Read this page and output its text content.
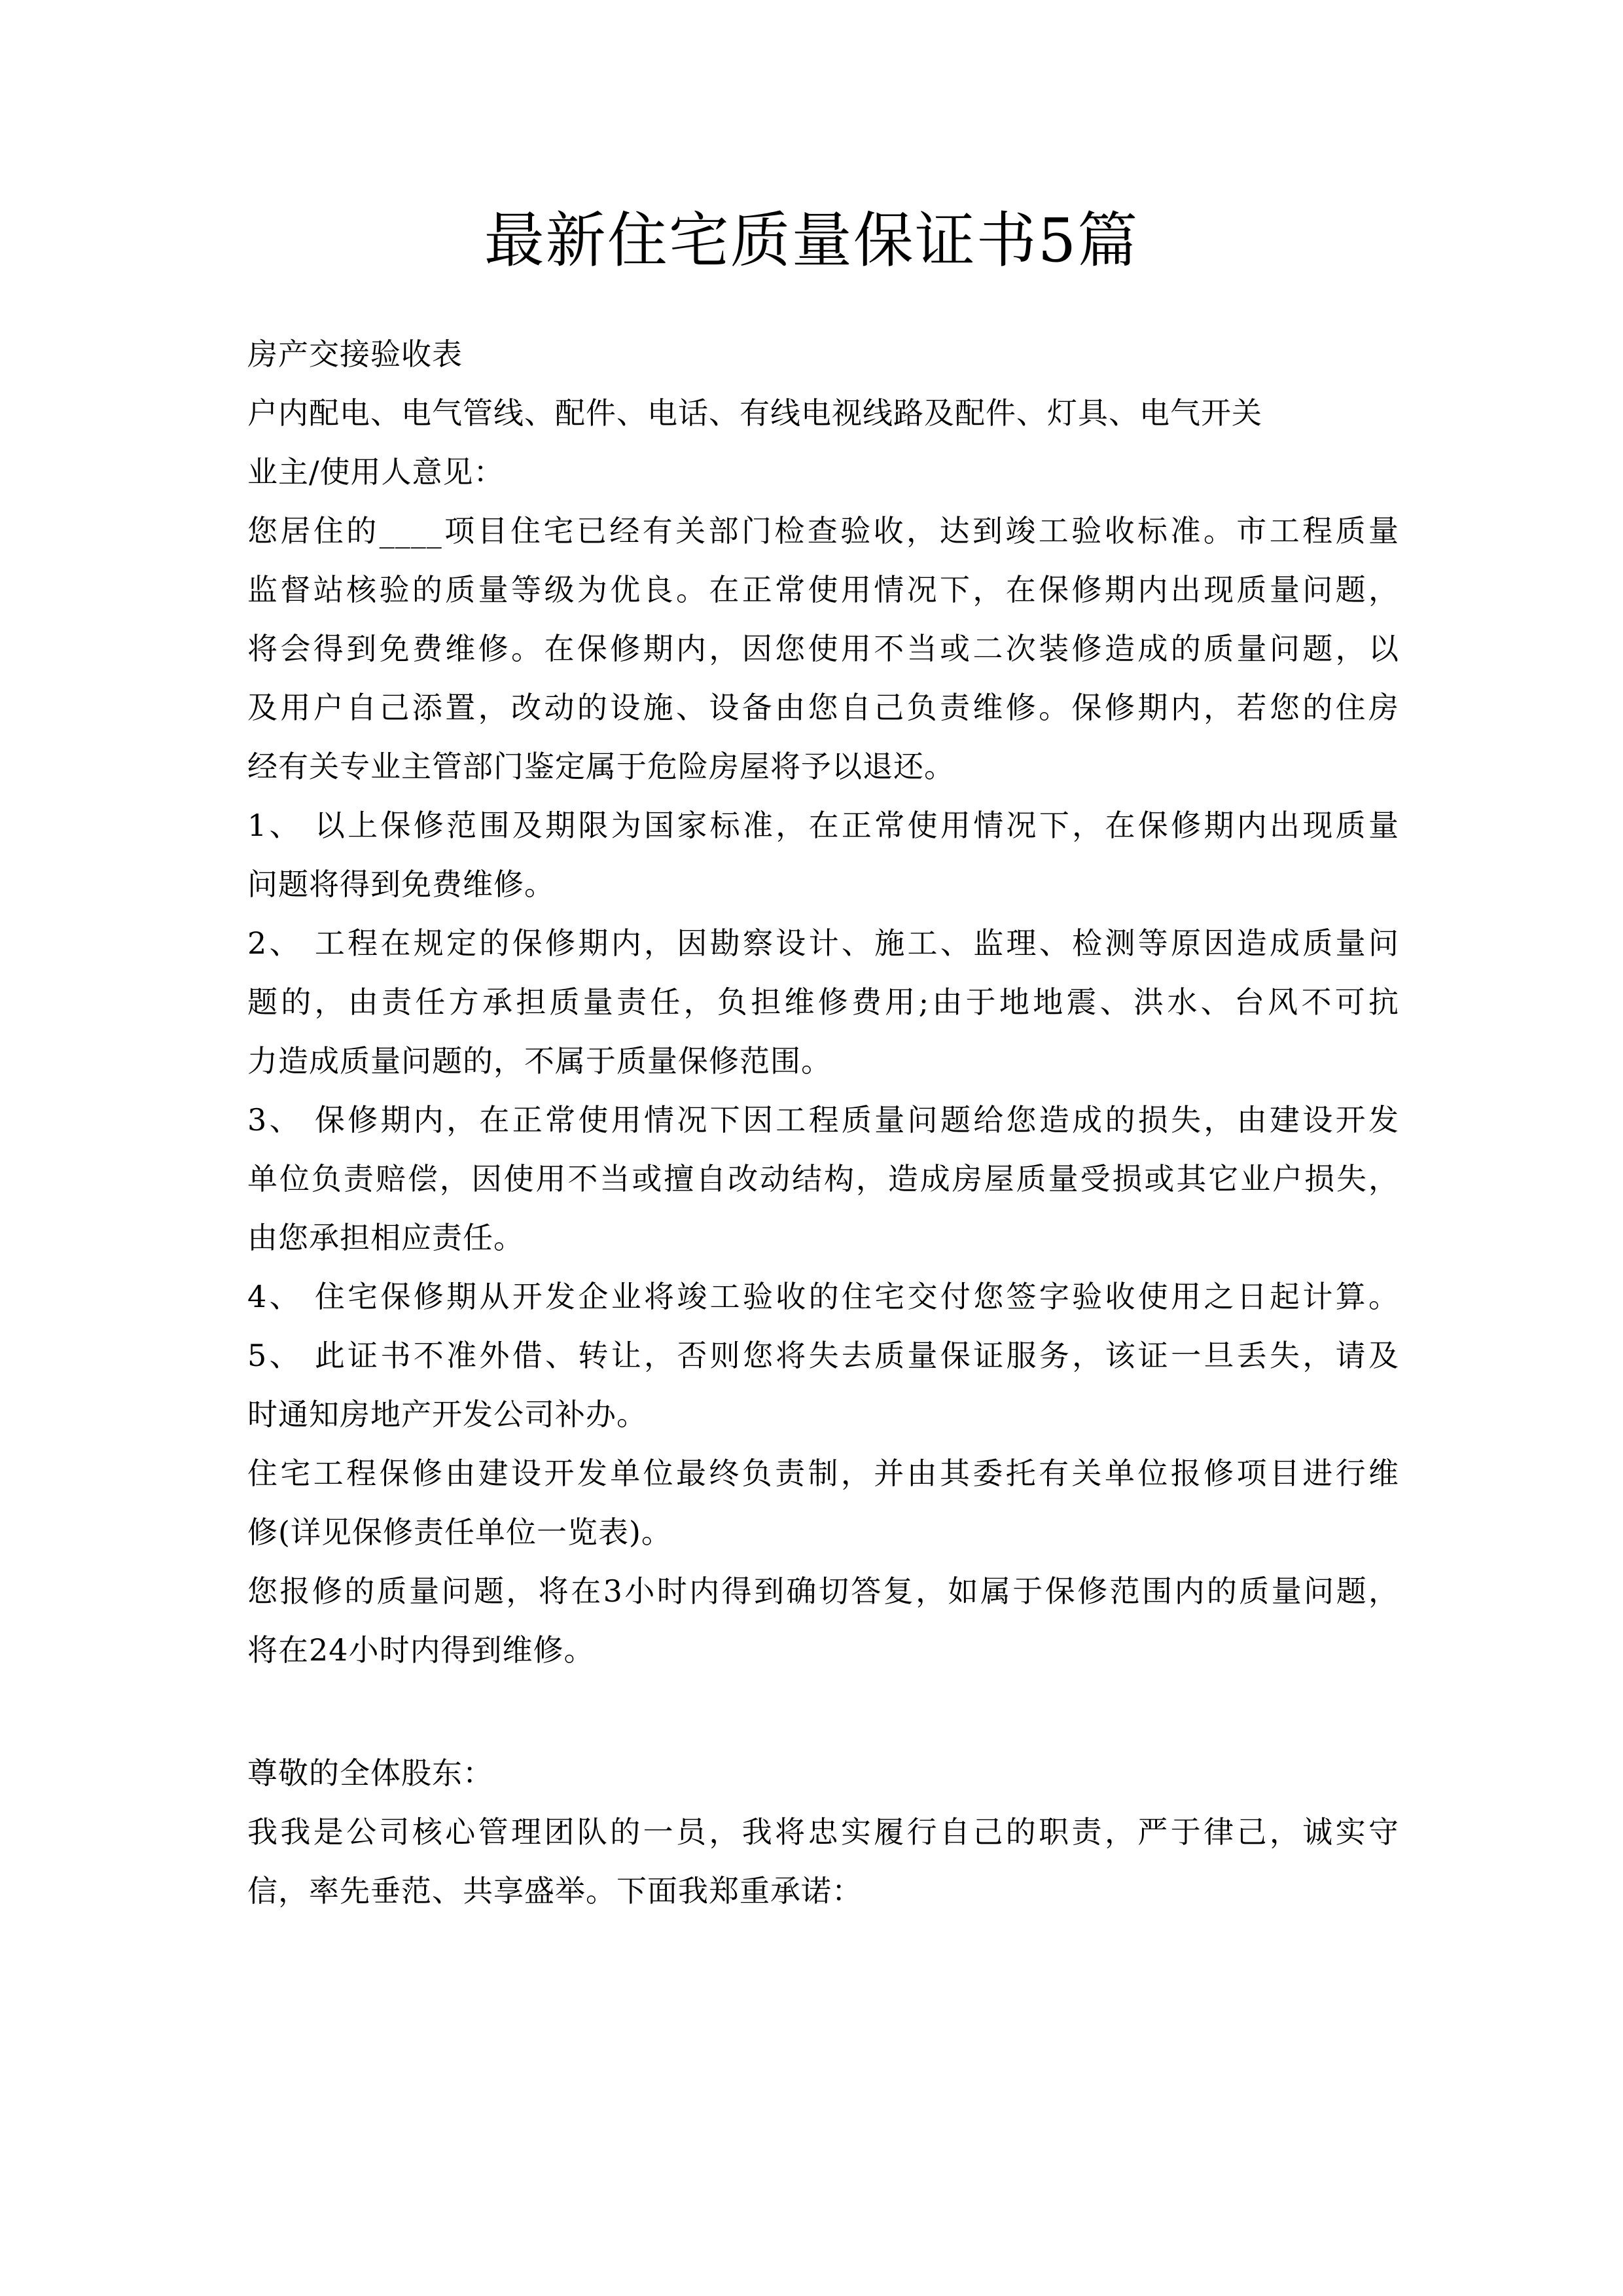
最新住宅质量保证书5篇
房产交接验收表
户内配电、电气管线、配件、电话、有线电视线路及配件、灯具、电气开关
业主/使用人意见：
您居住的____项目住宅已经有关部门检查验收，达到竣工验收标准。市工程质量
监督站核验的质量等级为优良。在正常使用情况下，在保修期内出现质量问题，
将会得到免费维修。在保修期内，因您使用不当或二次装修造成的质量问题，以
及用户自己添置，改动的设施、设备由您自己负责维修。保修期内，若您的住房
经有关专业主管部门鉴定属于危险房屋将予以退还。
1、 以上保修范围及期限为国家标准，在正常使用情况下，在保修期内出现质量
问题将得到免费维修。
2、 工程在规定的保修期内，因勘察设计、施工、监理、检测等原因造成质量问
题的，由责任方承担质量责任，负担维修费用;由于地地震、洪水、台风不可抗
力造成质量问题的，不属于质量保修范围。
3、 保修期内，在正常使用情况下因工程质量问题给您造成的损失，由建设开发
单位负责赔偿，因使用不当或擅自改动结构，造成房屋质量受损或其它业户损失，
由您承担相应责任。
4、 住宅保修期从开发企业将竣工验收的住宅交付您签字验收使用之日起计算。
5、 此证书不准外借、转让，否则您将失去质量保证服务，该证一旦丢失，请及
时通知房地产开发公司补办。
住宅工程保修由建设开发单位最终负责制，并由其委托有关单位报修项目进行维
修(详见保修责任单位一览表)。
您报修的质量问题，将在3小时内得到确切答复，如属于保修范围内的质量问题，
将在24小时内得到维修。
尊敬的全体股东：
我我是公司核心管理团队的一员，我将忠实履行自己的职责，严于律己，诚实守
信，率先垂范、共享盛举。下面我郑重承诺：
